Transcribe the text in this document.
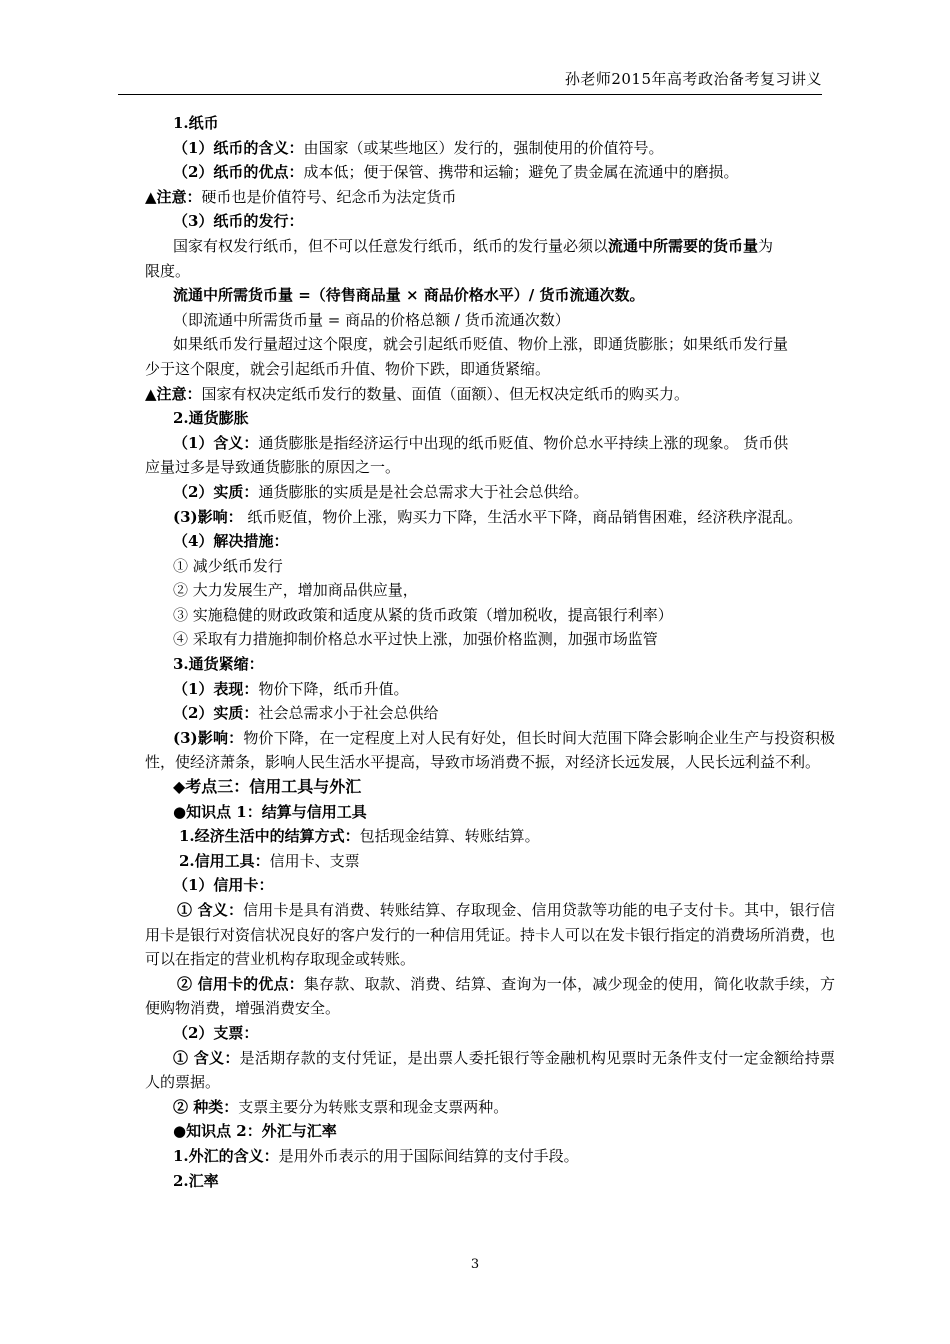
孙老师2015年高考政治备考复习讲义
1.纸币
（1）纸币的含义：由国家（或某些地区）发行的，强制使用的价值符号。
（2）纸币的优点：成本低；便于保管、携带和运输；避免了贵金属在流通中的磨损。
▲注意：硬币也是价值符号、纪念币为法定货币
（3）纸币的发行：
国家有权发行纸币，但不可以任意发行纸币，纸币的发行量必须以流通中所需要的货币量为
限度。
流通中所需货币量 =（待售商品量 × 商品价格水平）/ 货币流通次数。
（即流通中所需货币量 = 商品的价格总额 / 货币流通次数）
如果纸币发行量超过这个限度，就会引起纸币贬值、物价上涨，即通货膨胀；如果纸币发行量
少于这个限度，就会引起纸币升值、物价下跌，即通货紧缩。
▲注意：国家有权决定纸币发行的数量、面值（面额）、但无权决定纸币的购买力。
2.通货膨胀
（1）含义：通货膨胀是指经济运行中出现的纸币贬值、物价总水平持续上涨的现象。 货币供
应量过多是导致通货膨胀的原因之一。
（2）实质：通货膨胀的实质是是社会总需求大于社会总供给。
(3)影响： 纸币贬值，物价上涨，购买力下降，生活水平下降，商品销售困难，经济秩序混乱。
（4）解决措施：
① 减少纸币发行
② 大力发展生产，增加商品供应量，
③ 实施稳健的财政政策和适度从紧的货币政策（增加税收，提高银行利率）
④ 采取有力措施抑制价格总水平过快上涨，加强价格监测，加强市场监管
3.通货紧缩：
（1）表现：物价下降，纸币升值。
（2）实质：社会总需求小于社会总供给
(3)影响：物价下降，在一定程度上对人民有好处，但长时间大范围下降会影响企业生产与投资积极性，使经济萧条，影响人民生活水平提高，导致市场消费不振，对经济长远发展，人民长远利益不利。
◆考点三：信用工具与外汇
●知识点 1：结算与信用工具
1.经济生活中的结算方式：包括现金结算、转账结算。
2.信用工具：信用卡、支票
（1）信用卡：
① 含义：信用卡是具有消费、转账结算、存取现金、信用贷款等功能的电子支付卡。其中，银行信用卡是银行对资信状况良好的客户发行的一种信用凭证。持卡人可以在发卡银行指定的消费场所消费，也可以在指定的营业机构存取现金或转账。
② 信用卡的优点：集存款、取款、消费、结算、查询为一体，减少现金的使用，简化收款手续，方便购物消费，增强消费安全。
（2）支票：
① 含义：是活期存款的支付凭证，是出票人委托银行等金融机构见票时无条件支付一定金额给持票人的票据。
② 种类：支票主要分为转账支票和现金支票两种。
●知识点 2：外汇与汇率
1.外汇的含义：是用外币表示的用于国际间结算的支付手段。
2.汇率
3
